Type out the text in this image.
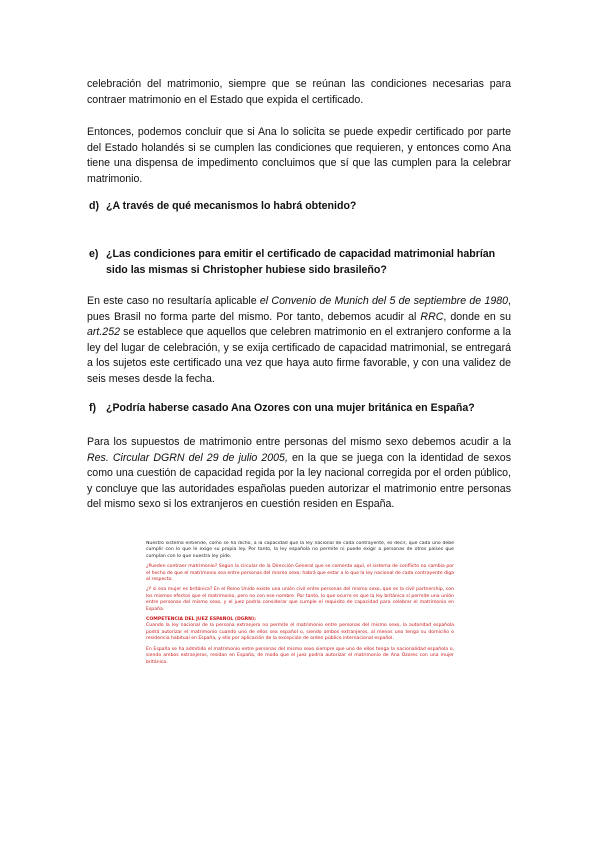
celebración del matrimonio, siempre que se reúnan las condiciones necesarias para contraer matrimonio en el Estado que expida el certificado.

Entonces, podemos concluir que si Ana lo solicita se puede expedir certificado por parte del Estado holandés si se cumplen las condiciones que requieren, y entonces como Ana tiene una dispensa de impedimento concluimos que sí que las cumplen para la celebrar matrimonio.

d) ¿A través de qué mecanismos lo habrá obtenido?
e) ¿Las condiciones para emitir el certificado de capacidad matrimonial habrían sido las mismas si Christopher hubiese sido brasileño?

En este caso no resultaría aplicable el Convenio de Munich del 5 de septiembre de 1980, pues Brasil no forma parte del mismo. Por tanto, debemos acudir al RRC, donde en su art.252 se establece que aquellos que celebren matrimonio en el extranjero conforme a la ley del lugar de celebración, y se exija certificado de capacidad matrimonial, se entregará a los sujetos este certificado una vez que haya auto firme favorable, y con una validez de seis meses desde la fecha.

f) ¿Podría haberse casado Ana Ozores con una mujer británica en España?

Para los supuestos de matrimonio entre personas del mismo sexo debemos acudir a la Res. Circular DGRN del 29 de julio 2005, en la que se juega con la identidad de sexos como una cuestión de capacidad regida por la ley nacional corregida por el orden público, y concluye que las autoridades españolas pueden autorizar el matrimonio entre personas del mismo sexo si los extranjeros en cuestión residen en España.

Nuestro sistema entiende, como se ha dicho, a la capacidad que la ley nacional de cada contrayente, es decir, que cada uno debe cumplir con lo que le exige su propia ley. Por tanto, la ley española no permite ni puede exigir a personas de otros países que cumplan con lo que nuestra ley pide.

¿Pueden contraer matrimonio? Según la circular de la Dirección General que se comenta aquí, el sistema de conflicto no cambia por el hecho de que el matrimonio sea entre personas del mismo sexo; habrá que estar a lo que la ley nacional de cada contrayente diga al respecto.

¿Y si esa mujer es británica? En el Reino Unido existe una unión civil entre personas del mismo sexo, que es la civil partnership, con los mismos efectos que el matrimonio, pero no con ese nombre. Por tanto, lo que ocurre es que la ley británica sí permite una unión entre personas del mismo sexo, y el juez podría considerar que cumple el requisito de capacidad para celebrar el matrimonio en España.

COMPETENCIA DEL JUEZ ESPAÑOL (DGRN):

Cuando la ley nacional de la persona extranjera no permite el matrimonio entre personas del mismo sexo, la autoridad española podrá autorizar el matrimonio cuando uno de ellos sea español o, siendo ambos extranjeros, al menos uno tenga su domicilio o residencia habitual en España, y ello por aplicación de la excepción de orden público internacional español.

En España se ha admitido el matrimonio entre personas del mismo sexo siempre que uno de ellos tenga la nacionalidad española o, siendo ambos extranjeros, residan en España, de modo que el juez podría autorizar el matrimonio de Ana Ozores con una mujer británica.
